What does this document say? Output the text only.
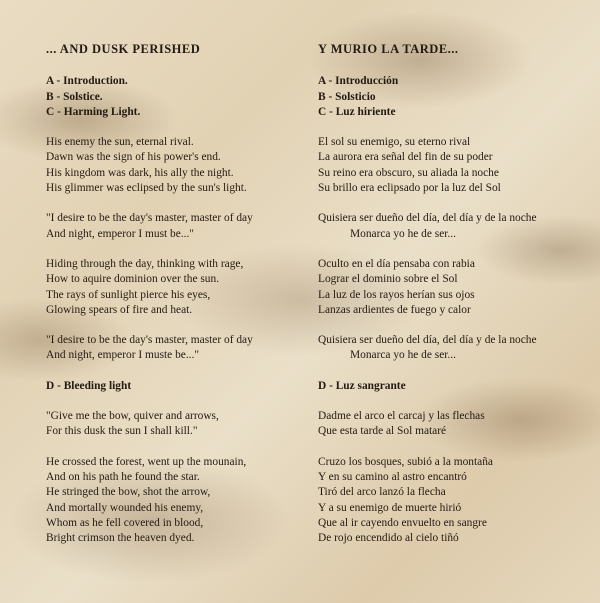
... AND DUSK PERISHED
A - Introduction.
B - Solstice.
C - Harming Light.
His enemy the sun, eternal rival.
Dawn was the sign of his power's end.
His kingdom was dark, his ally the night.
His glimmer was eclipsed by the sun's light.
"I desire to be the day's master, master of day
And night, emperor I must be..."
Hiding through the day, thinking with rage,
How to aquire dominion over the sun.
The rays of sunlight pierce his eyes,
Glowing spears of fire and heat.
"I desire to be the day's master, master of day
And night, emperor I muste be..."
D - Bleeding light
"Give me the bow, quiver and arrows,
For this dusk the sun I shall kill."
He crossed the forest, went up the mounain,
And on his path he found the star.
He stringed the bow, shot the arrow,
And mortally wounded his enemy,
Whom as he fell covered in blood,
Bright crimson the heaven dyed.
Y MURIO LA TARDE...
A - Introducción
B - Solsticio
C - Luz hiriente
El sol su enemigo, su eterno rival
La aurora era señal del fin de su poder
Su reino era obscuro, su aliada la noche
Su brillo era eclipsado por la luz del Sol
Quisiera ser dueño del día, del día y de la noche
Monarca yo he de ser...
Oculto en el día pensaba con rabia
Lograr el dominio sobre el Sol
La luz de los rayos herían sus ojos
Lanzas ardientes de fuego y calor
Quisiera ser dueño del día, del día y de la noche
Monarca yo he de ser...
D - Luz sangrante
Dadme el arco el carcaj y las flechas
Que esta tarde al Sol mataré
Cruzo los bosques, subió a la montaña
Y en su camino al astro encantró
Tiró del arco lanzó la flecha
Y a su enemigo de muerte hirió
Que al ir cayendo envuelto en sangre
De rojo encendido al cielo tiñó
